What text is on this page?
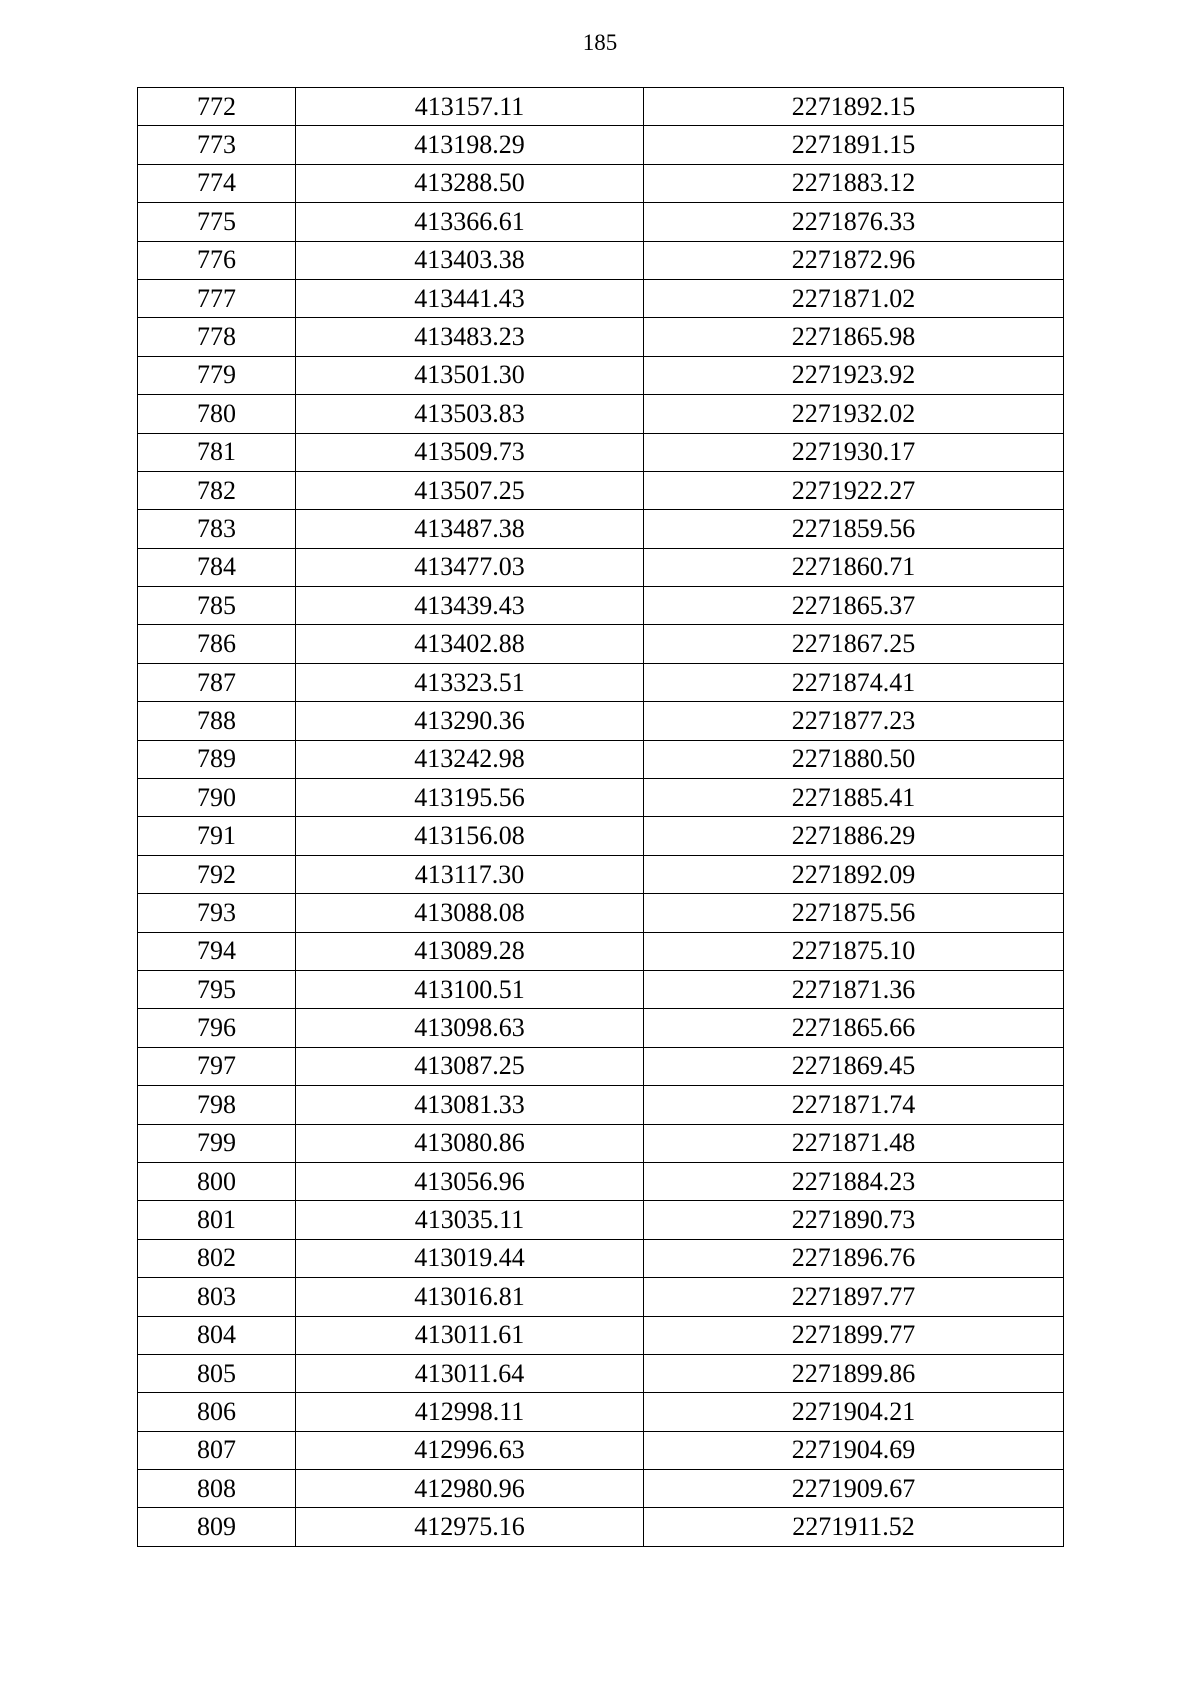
185
772	413157.11	2271892.15
773	413198.29	2271891.15
774	413288.50	2271883.12
775	413366.61	2271876.33
776	413403.38	2271872.96
777	413441.43	2271871.02
778	413483.23	2271865.98
779	413501.30	2271923.92
780	413503.83	2271932.02
781	413509.73	2271930.17
782	413507.25	2271922.27
783	413487.38	2271859.56
784	413477.03	2271860.71
785	413439.43	2271865.37
786	413402.88	2271867.25
787	413323.51	2271874.41
788	413290.36	2271877.23
789	413242.98	2271880.50
790	413195.56	2271885.41
791	413156.08	2271886.29
792	413117.30	2271892.09
793	413088.08	2271875.56
794	413089.28	2271875.10
795	413100.51	2271871.36
796	413098.63	2271865.66
797	413087.25	2271869.45
798	413081.33	2271871.74
799	413080.86	2271871.48
800	413056.96	2271884.23
801	413035.11	2271890.73
802	413019.44	2271896.76
803	413016.81	2271897.77
804	413011.61	2271899.77
805	413011.64	2271899.86
806	412998.11	2271904.21
807	412996.63	2271904.69
808	412980.96	2271909.67
809	412975.16	2271911.52
